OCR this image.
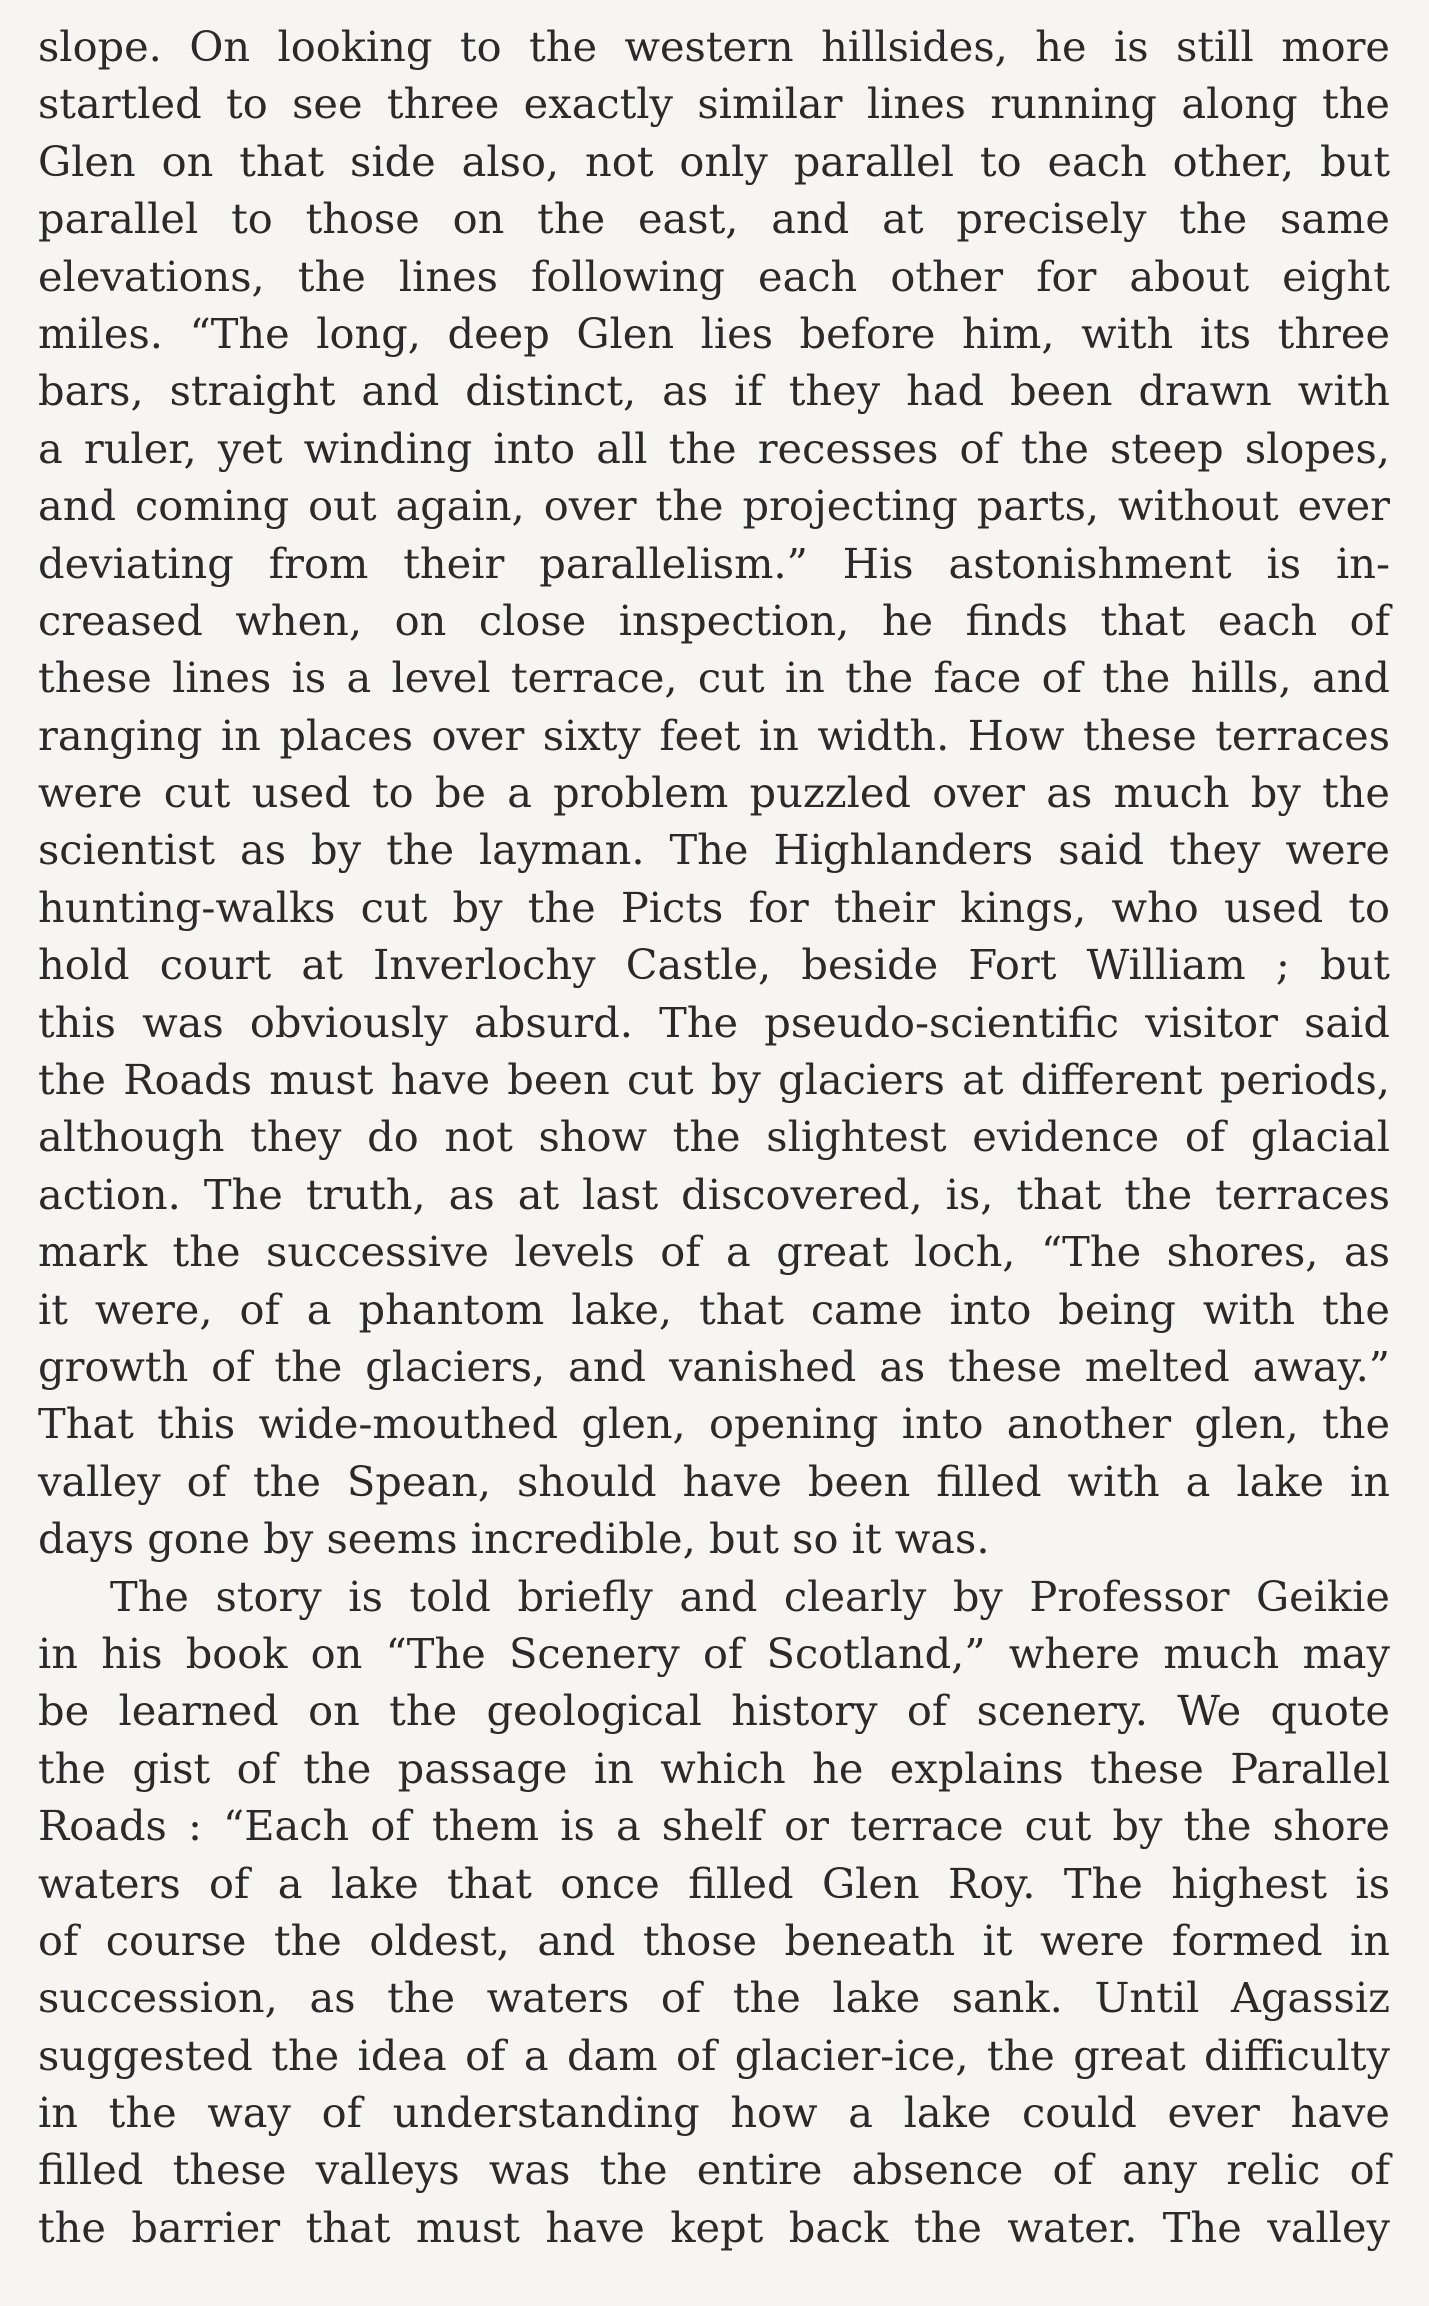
slope. On looking to the western hillsides, he is still more
startled to see three exactly similar lines running along the
Glen on that side also, not only parallel to each other, but
parallel to those on the east, and at precisely the same
elevations, the lines following each other for about eight
miles. “The long, deep Glen lies before him, with its three
bars, straight and distinct, as if they had been drawn with
a ruler, yet winding into all the recesses of the steep slopes,
and coming out again, over the projecting parts, without ever
deviating from their parallelism.” His astonishment is in-
creased when, on close inspection, he finds that each of
these lines is a level terrace, cut in the face of the hills, and
ranging in places over sixty feet in width. How these terraces
were cut used to be a problem puzzled over as much by the
scientist as by the layman. The Highlanders said they were
hunting-walks cut by the Picts for their kings, who used to
hold court at Inverlochy Castle, beside Fort William ; but
this was obviously absurd. The pseudo-scientific visitor said
the Roads must have been cut by glaciers at different periods,
although they do not show the slightest evidence of glacial
action. The truth, as at last discovered, is, that the terraces
mark the successive levels of a great loch, “The shores, as
it were, of a phantom lake, that came into being with the
growth of the glaciers, and vanished as these melted away.”
That this wide-mouthed glen, opening into another glen, the
valley of the Spean, should have been filled with a lake in
days gone by seems incredible, but so it was.
The story is told briefly and clearly by Professor Geikie
in his book on “The Scenery of Scotland,” where much may
be learned on the geological history of scenery. We quote
the gist of the passage in which he explains these Parallel
Roads : “Each of them is a shelf or terrace cut by the shore
waters of a lake that once filled Glen Roy. The highest is
of course the oldest, and those beneath it were formed in
succession, as the waters of the lake sank. Until Agassiz
suggested the idea of a dam of glacier-ice, the great difficulty
in the way of understanding how a lake could ever have
filled these valleys was the entire absence of any relic of
the barrier that must have kept back the water. The valley
